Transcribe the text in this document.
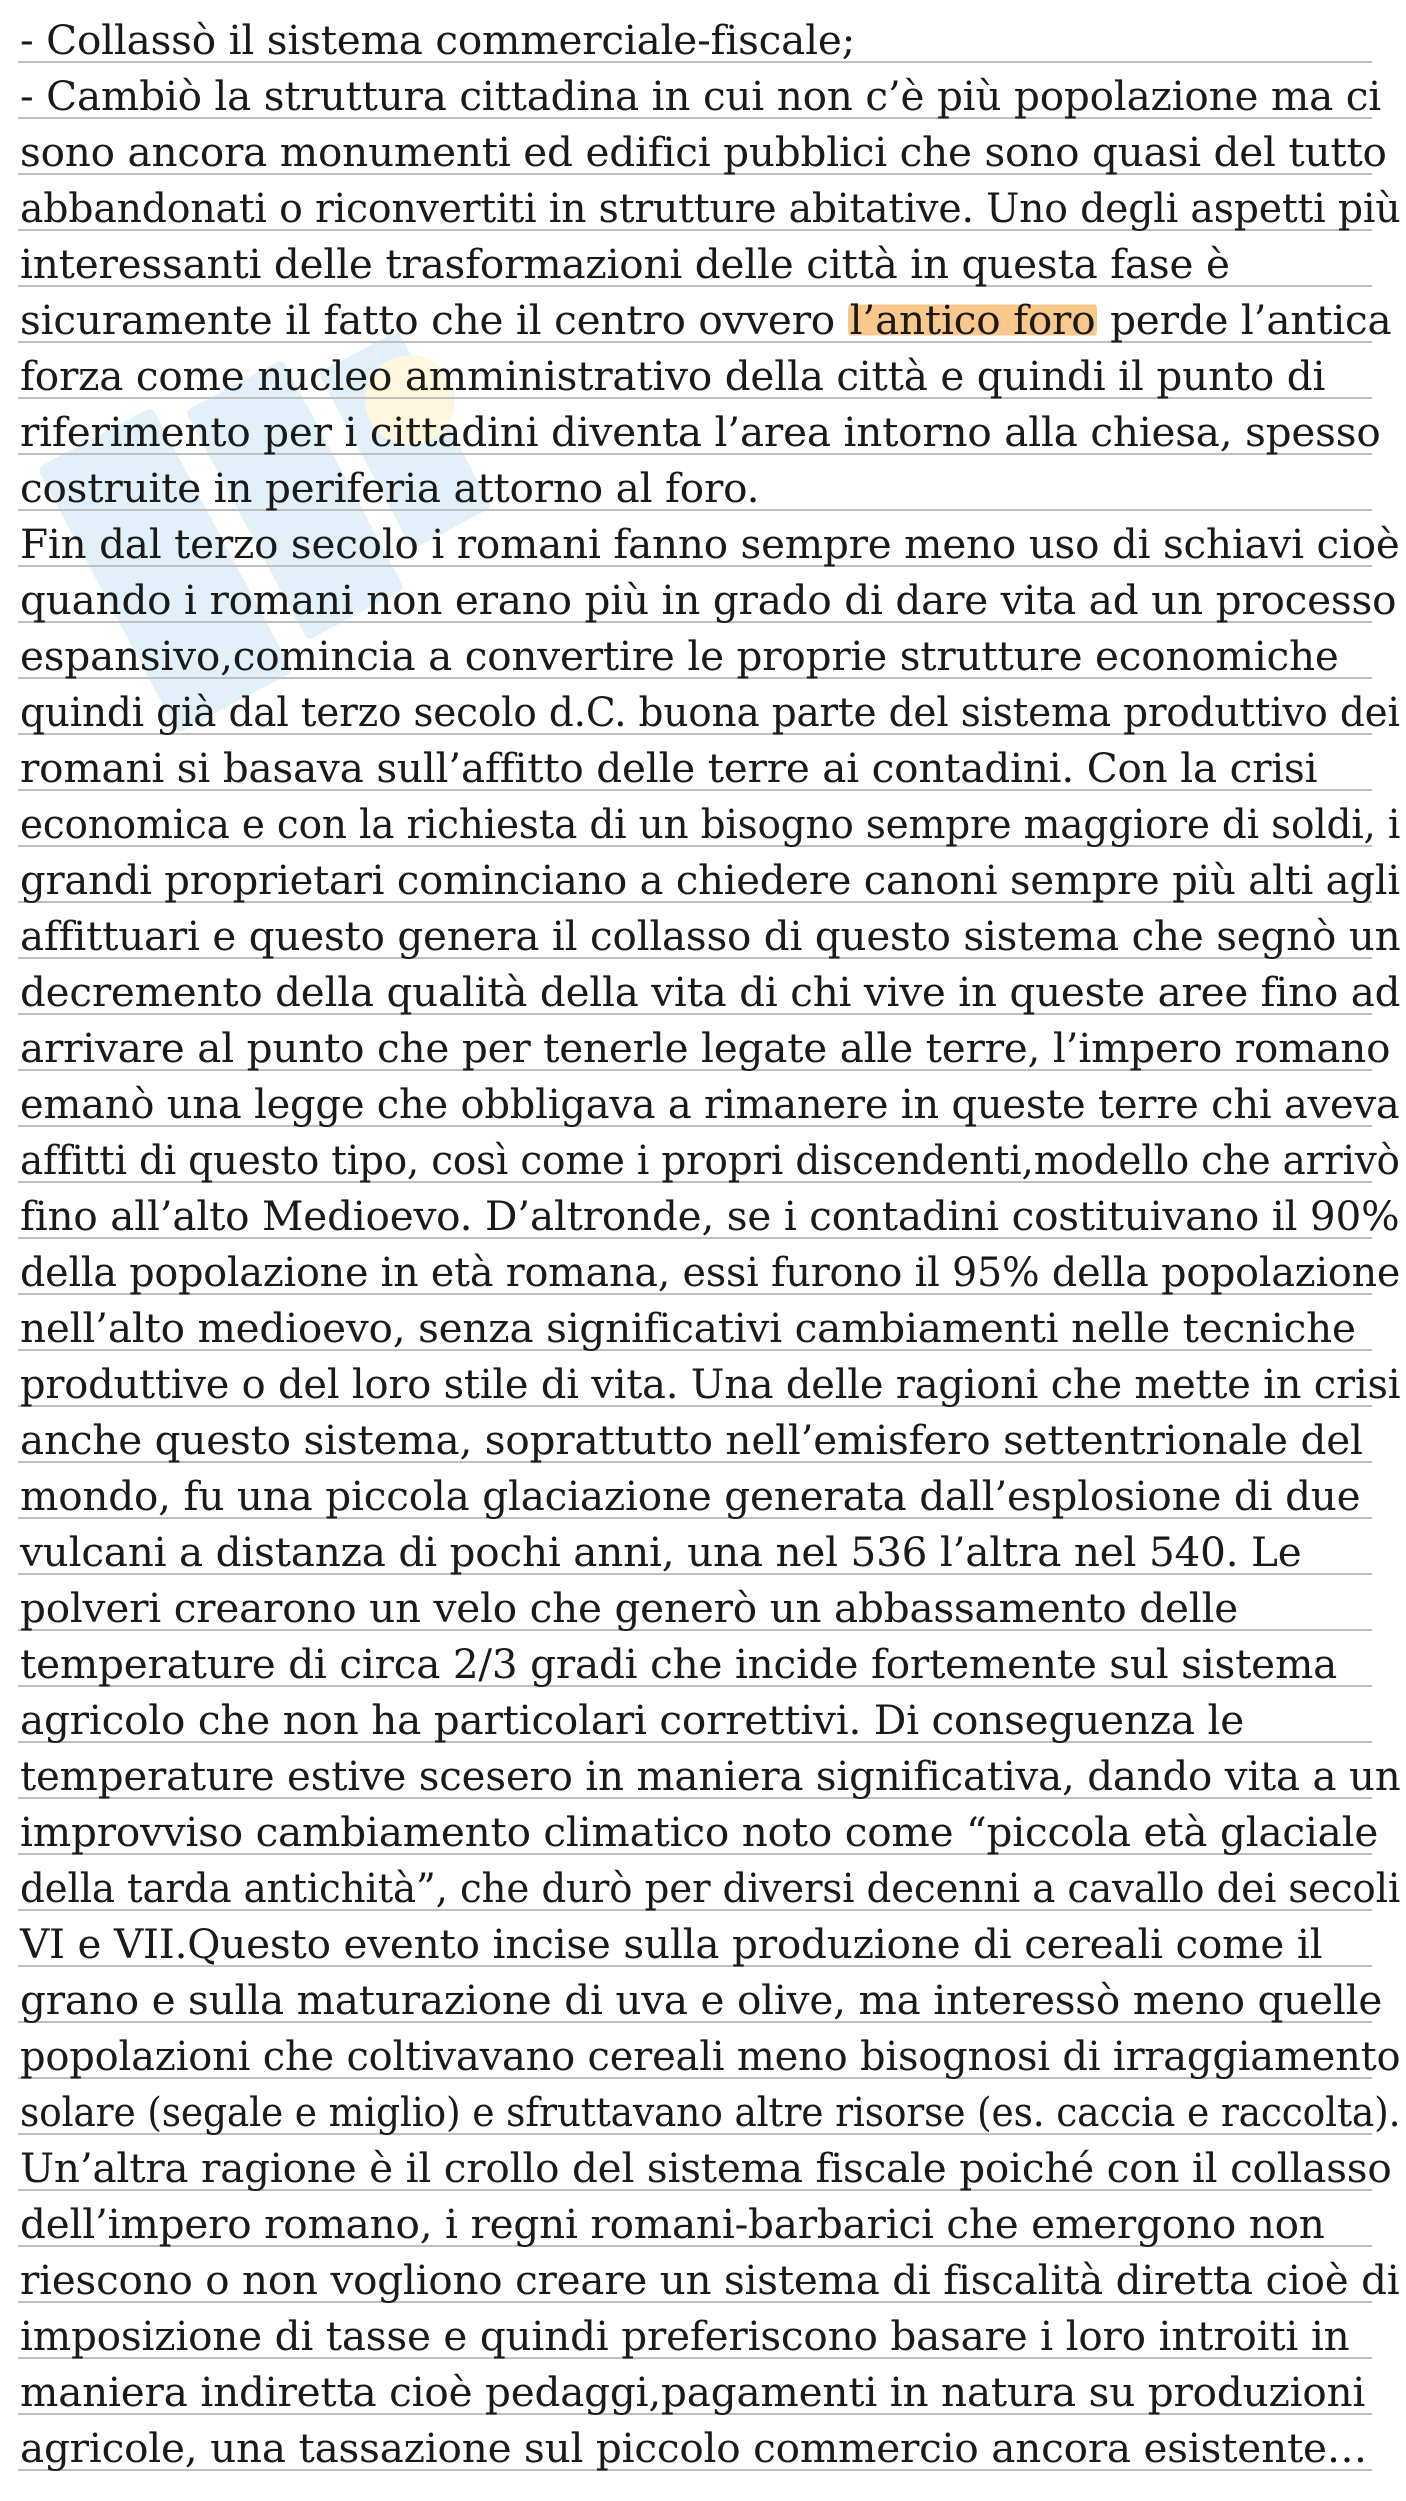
- Collassò il sistema commerciale-fiscale;
- Cambiò la struttura cittadina in cui non c’è più popolazione ma ci
sono ancora monumenti ed edifici pubblici che sono quasi del tutto
abbandonati o riconvertiti in strutture abitative. Uno degli aspetti più
interessanti delle trasformazioni delle città in questa fase è
sicuramente il fatto che il centro ovvero l’antico foro perde l’antica
forza come nucleo amministrativo della città e quindi il punto di
riferimento per i cittadini diventa l’area intorno alla chiesa, spesso
costruite in periferia attorno al foro.
Fin dal terzo secolo i romani fanno sempre meno uso di schiavi cioè
quando i romani non erano più in grado di dare vita ad un processo
espansivo,comincia a convertire le proprie strutture economiche
quindi già dal terzo secolo d.C. buona parte del sistema produttivo dei
romani si basava sull’affitto delle terre ai contadini. Con la crisi
economica e con la richiesta di un bisogno sempre maggiore di soldi, i
grandi proprietari cominciano a chiedere canoni sempre più alti agli
affittuari e questo genera il collasso di questo sistema che segnò un
decremento della qualità della vita di chi vive in queste aree fino ad
arrivare al punto che per tenerle legate alle terre, l’impero romano
emanò una legge che obbligava a rimanere in queste terre chi aveva
affitti di questo tipo, così come i propri discendenti,modello che arrivò
fino all’alto Medioevo. D’altronde, se i contadini costituivano il 90%
della popolazione in età romana, essi furono il 95% della popolazione
nell’alto medioevo, senza significativi cambiamenti nelle tecniche
produttive o del loro stile di vita. Una delle ragioni che mette in crisi
anche questo sistema, soprattutto nell’emisfero settentrionale del
mondo, fu una piccola glaciazione generata dall’esplosione di due
vulcani a distanza di pochi anni, una nel 536 l’altra nel 540. Le
polveri crearono un velo che generò un abbassamento delle
temperature di circa 2/3 gradi che incide fortemente sul sistema
agricolo che non ha particolari correttivi. Di conseguenza le
temperature estive scesero in maniera significativa, dando vita a un
improvviso cambiamento climatico noto come “piccola età glaciale
della tarda antichità”, che durò per diversi decenni a cavallo dei secoli
VI e VII.Questo evento incise sulla produzione di cereali come il
grano e sulla maturazione di uva e olive, ma interessò meno quelle
popolazioni che coltivavano cereali meno bisognosi di irraggiamento
solare (segale e miglio) e sfruttavano altre risorse (es. caccia e raccolta).
Un’altra ragione è il crollo del sistema fiscale poiché con il collasso
dell’impero romano, i regni romani-barbarici che emergono non
riescono o non vogliono creare un sistema di fiscalità diretta cioè di
imposizione di tasse e quindi preferiscono basare i loro introiti in
maniera indiretta cioè pedaggi,pagamenti in natura su produzioni
agricole, una tassazione sul piccolo commercio ancora esistente…
